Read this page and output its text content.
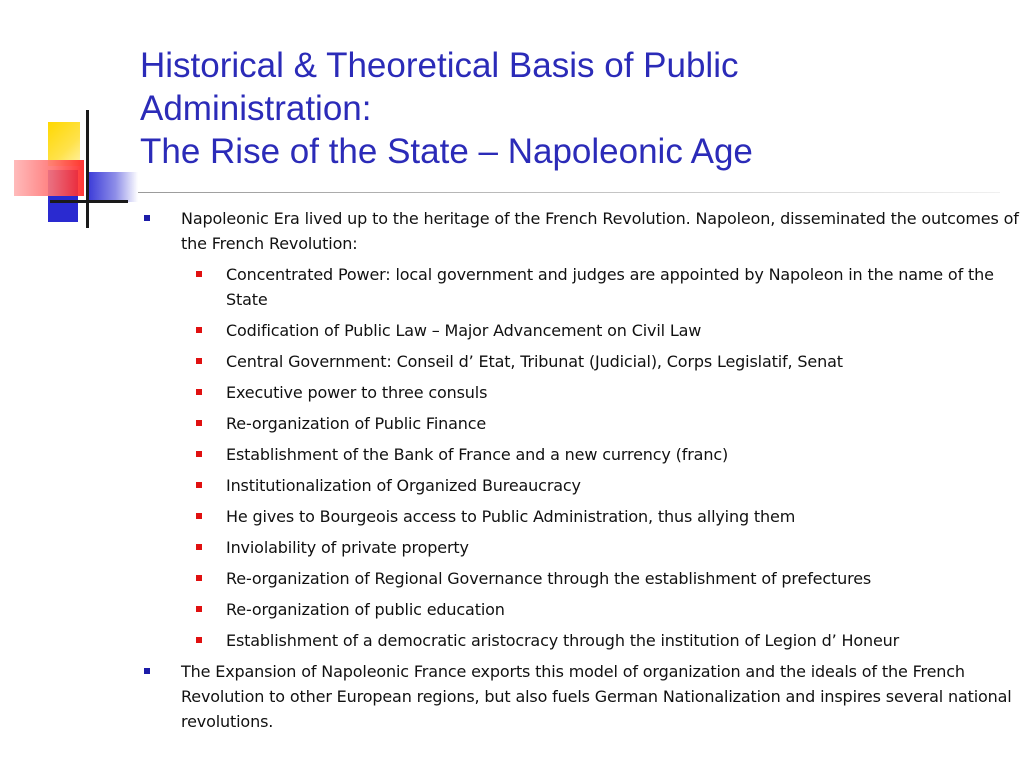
Historical & Theoretical Basis of Public
Administration:
The Rise of the State – Napoleonic Age
Napoleonic Era lived up to the heritage of the French Revolution. Napoleon, disseminated the outcomes of the French Revolution:
Concentrated Power: local government and judges are appointed by Napoleon in the name of the State
Codification of Public Law – Major Advancement on Civil Law
Central Government: Conseil d’ Etat, Tribunat (Judicial), Corps Legislatif, Senat
Executive power to three consuls
Re-organization of Public Finance
Establishment of the Bank of France and a new currency (franc)
Institutionalization of Organized Bureaucracy
He gives to Bourgeois access to Public Administration, thus allying them
Inviolability of private property
Re-organization of Regional Governance through the establishment of prefectures
Re-organization of public education
Establishment of a democratic aristocracy through the institution of Legion d’ Honeur
The Expansion of Napoleonic France exports this model of organization and the ideals of the French Revolution to other European regions, but also fuels German Nationalization and inspires several national revolutions.
